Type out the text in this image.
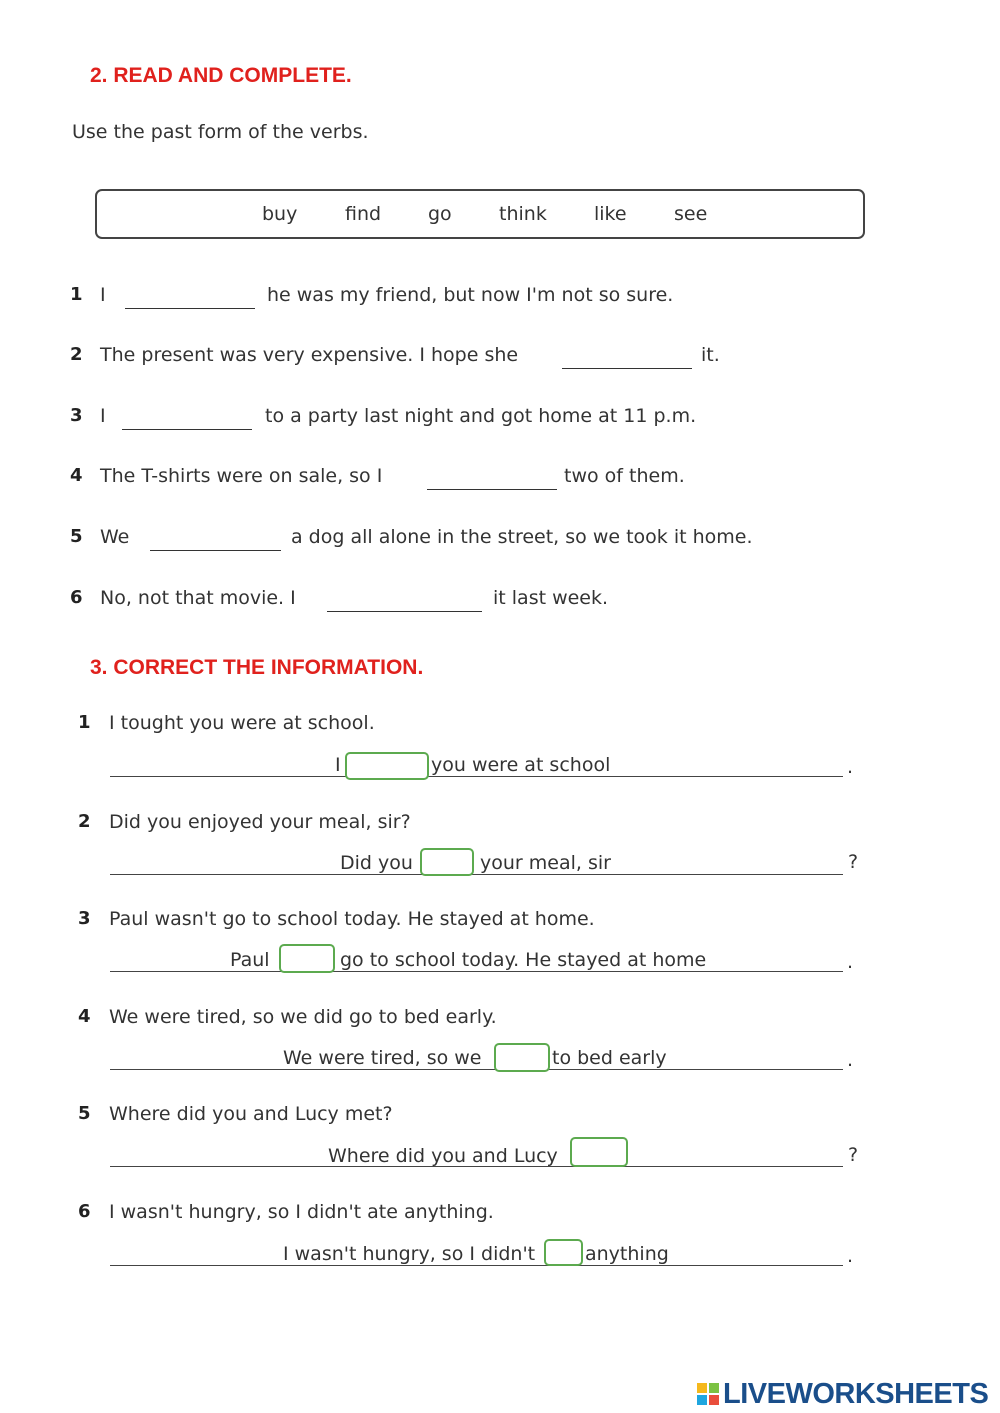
2. READ AND COMPLETE.
Use the past form of the verbs.
buy	find go think like see
1 I	he was my friend, but now I'm not so sure.
2 The present was very expensive. I hope she	it.
3 I	to a party last night and got home at 11 p.m.
4 The T-shirts were on sale, so I	two of them.
5 We	a dog all alone in the street, so we took it home.
6 No, not that movie. I	it last week.
3. CORRECT THE INFORMATION.
1 I tought you were at school.
I	you were at school	.
2 Did you enjoyed your meal, sir?
Did you	your meal, sir	?
3 Paul wasn't go to school today. He stayed at home.
Paul	go to school today. He stayed at home	.
4 We were tired, so we did go to bed early.
We were tired, so we	to bed early	.
5 Where did you and Lucy met?
Where did you and Lucy	?
6 I wasn't hungry, so I didn't ate anything.
I wasn't hungry, so I didn't	anything	.
LIVEWORKSHEETS
